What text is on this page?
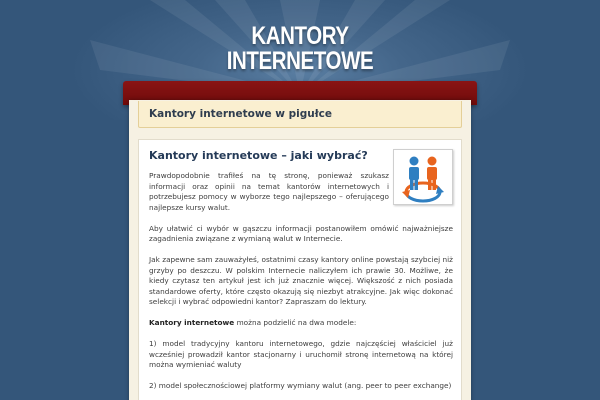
KANTORY
INTERNETOWE
Kantory internetowe w pigułce
Kantory internetowe – jaki wybrać?

Prawdopodobnie trafiłeś na tę stronę, ponieważ szukasz informacji oraz opinii na temat kantorów internetowych i potrzebujesz pomocy w wyborze tego najlepszego – oferującego najlepsze kursy walut.

Aby ułatwić ci wybór w gąszczu informacji postanowiłem omówić najważniejsze zagadnienia związane z wymianą walut w Internecie.

Jak zapewne sam zauważyłeś, ostatnimi czasy kantory online powstają szybciej niż grzyby po deszczu. W polskim Internecie naliczyłem ich prawie 30. Możliwe, że kiedy czytasz ten artykuł jest ich już znacznie więcej. Większość z nich posiada standardowe oferty, które często okazują się niezbyt atrakcyjne. Jak więc dokonać selekcji i wybrać odpowiedni kantor? Zapraszam do lektury.

Kantory internetowe można podzielić na dwa modele:

1) model tradycyjny kantoru internetowego, gdzie najczęściej właściciel już wcześniej prowadził kantor stacjonarny i uruchomił stronę internetową na której można wymieniać waluty

2) model społecznościowej platformy wymiany walut (ang. peer to peer exchange)
